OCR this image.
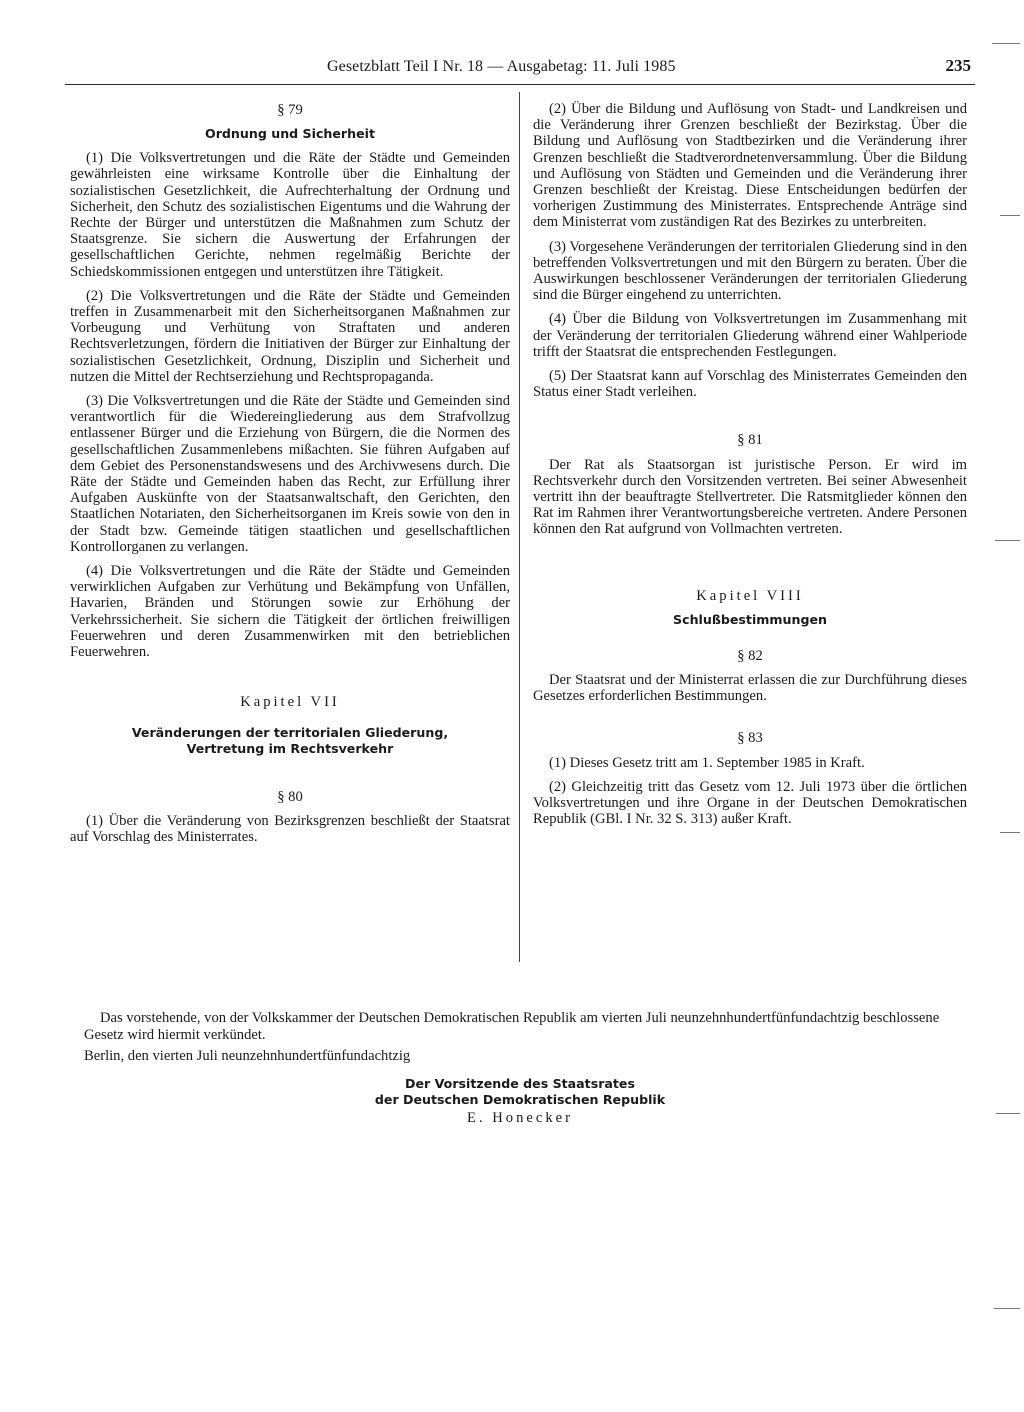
Gesetzblatt Teil I Nr. 18 — Ausgabetag: 11. Juli 1985	235

§ 79

Ordnung und Sicherheit

(1) Die Volksvertretungen und die Räte der Städte und Gemeinden gewährleisten eine wirksame Kontrolle über die Einhaltung der sozialistischen Gesetzlichkeit, die Aufrechterhaltung der Ordnung und Sicherheit, den Schutz des sozialistischen Eigentums und die Wahrung der Rechte der Bürger und unterstützen die Maßnahmen zum Schutz der Staatsgrenze. Sie sichern die Auswertung der Erfahrungen der gesellschaftlichen Gerichte, nehmen regelmäßig Berichte der Schiedskommissionen entgegen und unterstützen ihre Tätigkeit.

(2) Die Volksvertretungen und die Räte der Städte und Gemeinden treffen in Zusammenarbeit mit den Sicherheitsorganen Maßnahmen zur Vorbeugung und Verhütung von Straftaten und anderen Rechtsverletzungen, fördern die Initiativen der Bürger zur Einhaltung der sozialistischen Gesetzlichkeit, Ordnung, Disziplin und Sicherheit und nutzen die Mittel der Rechtserziehung und Rechtspropaganda.

(3) Die Volksvertretungen und die Räte der Städte und Gemeinden sind verantwortlich für die Wiedereingliederung aus dem Strafvollzug entlassener Bürger und die Erziehung von Bürgern, die die Normen des gesellschaftlichen Zusammenlebens mißachten. Sie führen Aufgaben auf dem Gebiet des Personenstandswesens und des Archivwesens durch. Die Räte der Städte und Gemeinden haben das Recht, zur Erfüllung ihrer Aufgaben Auskünfte von der Staatsanwaltschaft, den Gerichten, den Staatlichen Notariaten, den Sicherheitsorganen im Kreis sowie von den in der Stadt bzw. Gemeinde tätigen staatlichen und gesellschaftlichen Kontrollorganen zu verlangen.

(4) Die Volksvertretungen und die Räte der Städte und Gemeinden verwirklichen Aufgaben zur Verhütung und Bekämpfung von Unfällen, Havarien, Bränden und Störungen sowie zur Erhöhung der Verkehrssicherheit. Sie sichern die Tätigkeit der örtlichen freiwilligen Feuerwehren und deren Zusammenwirken mit den betrieblichen Feuerwehren.

Kapitel VII

Veränderungen der territorialen Gliederung,
Vertretung im Rechtsverkehr

§ 80

(1) Über die Veränderung von Bezirksgrenzen beschließt der Staatsrat auf Vorschlag des Ministerrates.

(2) Über die Bildung und Auflösung von Stadt- und Landkreisen und die Veränderung ihrer Grenzen beschließt der Bezirkstag. Über die Bildung und Auflösung von Stadtbezirken und die Veränderung ihrer Grenzen beschließt die Stadtverordnetenversammlung. Über die Bildung und Auflösung von Städten und Gemeinden und die Veränderung ihrer Grenzen beschließt der Kreistag. Diese Entscheidungen bedürfen der vorherigen Zustimmung des Ministerrates. Entsprechende Anträge sind dem Ministerrat vom zuständigen Rat des Bezirkes zu unterbreiten.

(3) Vorgesehene Veränderungen der territorialen Gliederung sind in den betreffenden Volksvertretungen und mit den Bürgern zu beraten. Über die Auswirkungen beschlossener Veränderungen der territorialen Gliederung sind die Bürger eingehend zu unterrichten.

(4) Über die Bildung von Volksvertretungen im Zusammenhang mit der Veränderung der territorialen Gliederung während einer Wahlperiode trifft der Staatsrat die entsprechenden Festlegungen.

(5) Der Staatsrat kann auf Vorschlag des Ministerrates Gemeinden den Status einer Stadt verleihen.

§ 81

Der Rat als Staatsorgan ist juristische Person. Er wird im Rechtsverkehr durch den Vorsitzenden vertreten. Bei seiner Abwesenheit vertritt ihn der beauftragte Stellvertreter. Die Ratsmitglieder können den Rat im Rahmen ihrer Verantwortungsbereiche vertreten. Andere Personen können den Rat aufgrund von Vollmachten vertreten.

Kapitel VIII

Schlußbestimmungen

§ 82

Der Staatsrat und der Ministerrat erlassen die zur Durchführung dieses Gesetzes erforderlichen Bestimmungen.

§ 83

(1) Dieses Gesetz tritt am 1. September 1985 in Kraft.

(2) Gleichzeitig tritt das Gesetz vom 12. Juli 1973 über die örtlichen Volksvertretungen und ihre Organe in der Deutschen Demokratischen Republik (GBl. I Nr. 32 S. 313) außer Kraft.

Das vorstehende, von der Volkskammer der Deutschen Demokratischen Republik am vierten Juli neunzehnhundertfünfundachtzig beschlossene Gesetz wird hiermit verkündet.

Berlin, den vierten Juli neunzehnhundertfünfundachtzig

Der Vorsitzende des Staatsrates
der Deutschen Demokratischen Republik
E. Honecker
